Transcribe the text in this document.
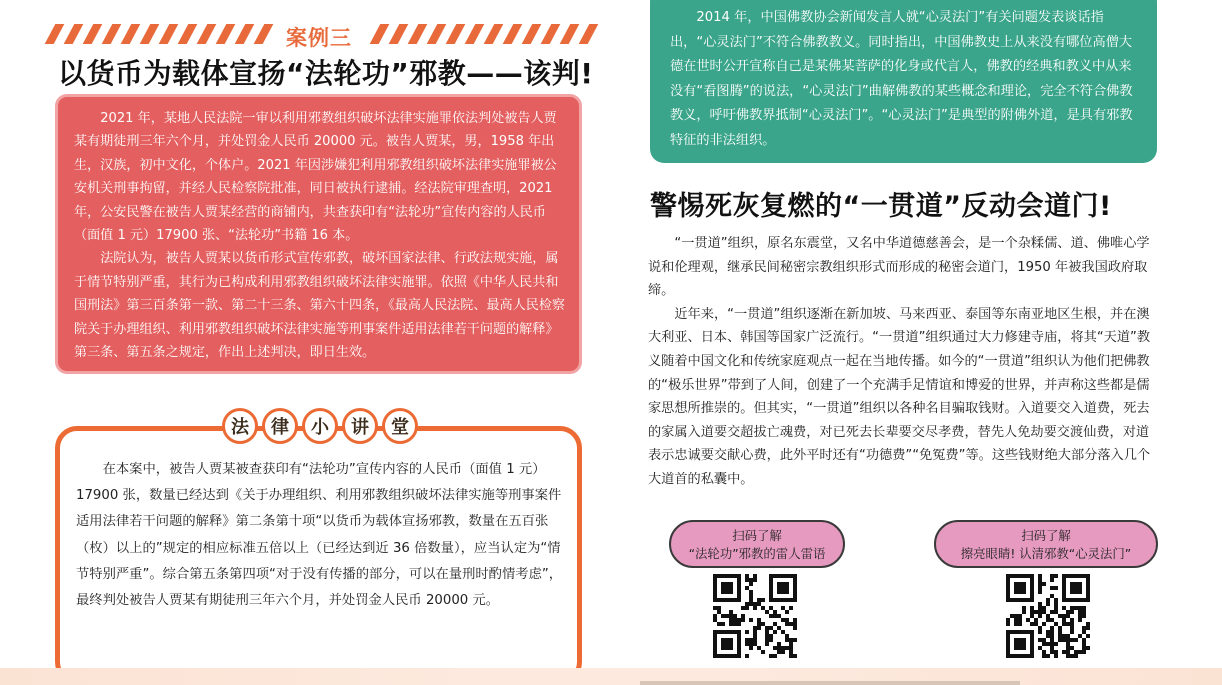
案例三
以货币为载体宣扬“法轮功”邪教——该判!

2021 年，某地人民法院一审以利用邪教组织破坏法律实施罪依法判处被告人贾某有期徒刑三年六个月，并处罚金人民币 20000 元。被告人贾某，男，1958 年出生，汉族，初中文化，个体户。2021 年因涉嫌犯利用邪教组织破坏法律实施罪被公安机关刑事拘留，并经人民检察院批准，同日被执行逮捕。经法院审理查明，2021 年，公安民警在被告人贾某经营的商铺内，共查获印有“法轮功”宣传内容的人民币（面值 1 元）17900 张、“法轮功”书籍 16 本。

法院认为，被告人贾某以货币形式宣传邪教，破坏国家法律、行政法规实施，属于情节特别严重，其行为已构成利用邪教组织破坏法律实施罪。依照《中华人民共和国刑法》第三百条第一款、第二十三条、第六十四条，《最高人民法院、最高人民检察院关于办理组织、利用邪教组织破坏法律实施等刑事案件适用法律若干问题的解释》第三条、第五条之规定，作出上述判决，即日生效。

在本案中，被告人贾某被查获印有“法轮功”宣传内容的人民币（面值 1 元）17900 张，数量已经达到《关于办理组织、利用邪教组织破坏法律实施等刑事案件适用法律若干问题的解释》第二条第十项“以货币为载体宣扬邪教，数量在五百张（枚）以上的”规定的相应标准五倍以上（已经达到近 36 倍数量），应当认定为“情节特别严重”。综合第五条第四项“对于没有传播的部分，可以在量刑时酌情考虑”，最终判处被告人贾某有期徒刑三年六个月，并处罚金人民币 20000 元。

法	律	小	讲	堂

2014 年，中国佛教协会新闻发言人就“心灵法门”有关问题发表谈话指出，“心灵法门”不符合佛教教义。同时指出，中国佛教史上从来没有哪位高僧大德在世时公开宣称自己是某佛某菩萨的化身或代言人，佛教的经典和教义中从来没有“看图腾”的说法，“心灵法门”曲解佛教的某些概念和理论，完全不符合佛教教义，呼吁佛教界抵制“心灵法门”。“心灵法门”是典型的附佛外道，是具有邪教特征的非法组织。

警惕死灰复燃的“一贯道”反动会道门!

“一贯道”组织，原名东震堂，又名中华道德慈善会，是一个杂糅儒、道、佛唯心学说和伦理观，继承民间秘密宗教组织形式而形成的秘密会道门，1950 年被我国政府取缔。

近年来，“一贯道”组织逐渐在新加坡、马来西亚、泰国等东南亚地区生根，并在澳大利亚、日本、韩国等国家广泛流行。“一贯道”组织通过大力修建寺庙，将其“天道”教义随着中国文化和传统家庭观点一起在当地传播。如今的“一贯道”组织认为他们把佛教的“极乐世界”带到了人间，创建了一个充满手足情谊和博爱的世界，并声称这些都是儒家思想所推崇的。但其实，“一贯道”组织以各种名目骗取钱财。入道要交入道费，死去的家属入道要交超拔亡魂费，对已死去长辈要交尽孝费，替先人免劫要交渡仙费，对道表示忠诚要交献心费，此外平时还有“功德费”“免冤费”等。这些钱财绝大部分落入几个大道首的私囊中。

扫码了解
“法轮功”邪教的雷人雷语
扫码了解
擦亮眼睛! 认清邪教“心灵法门”
